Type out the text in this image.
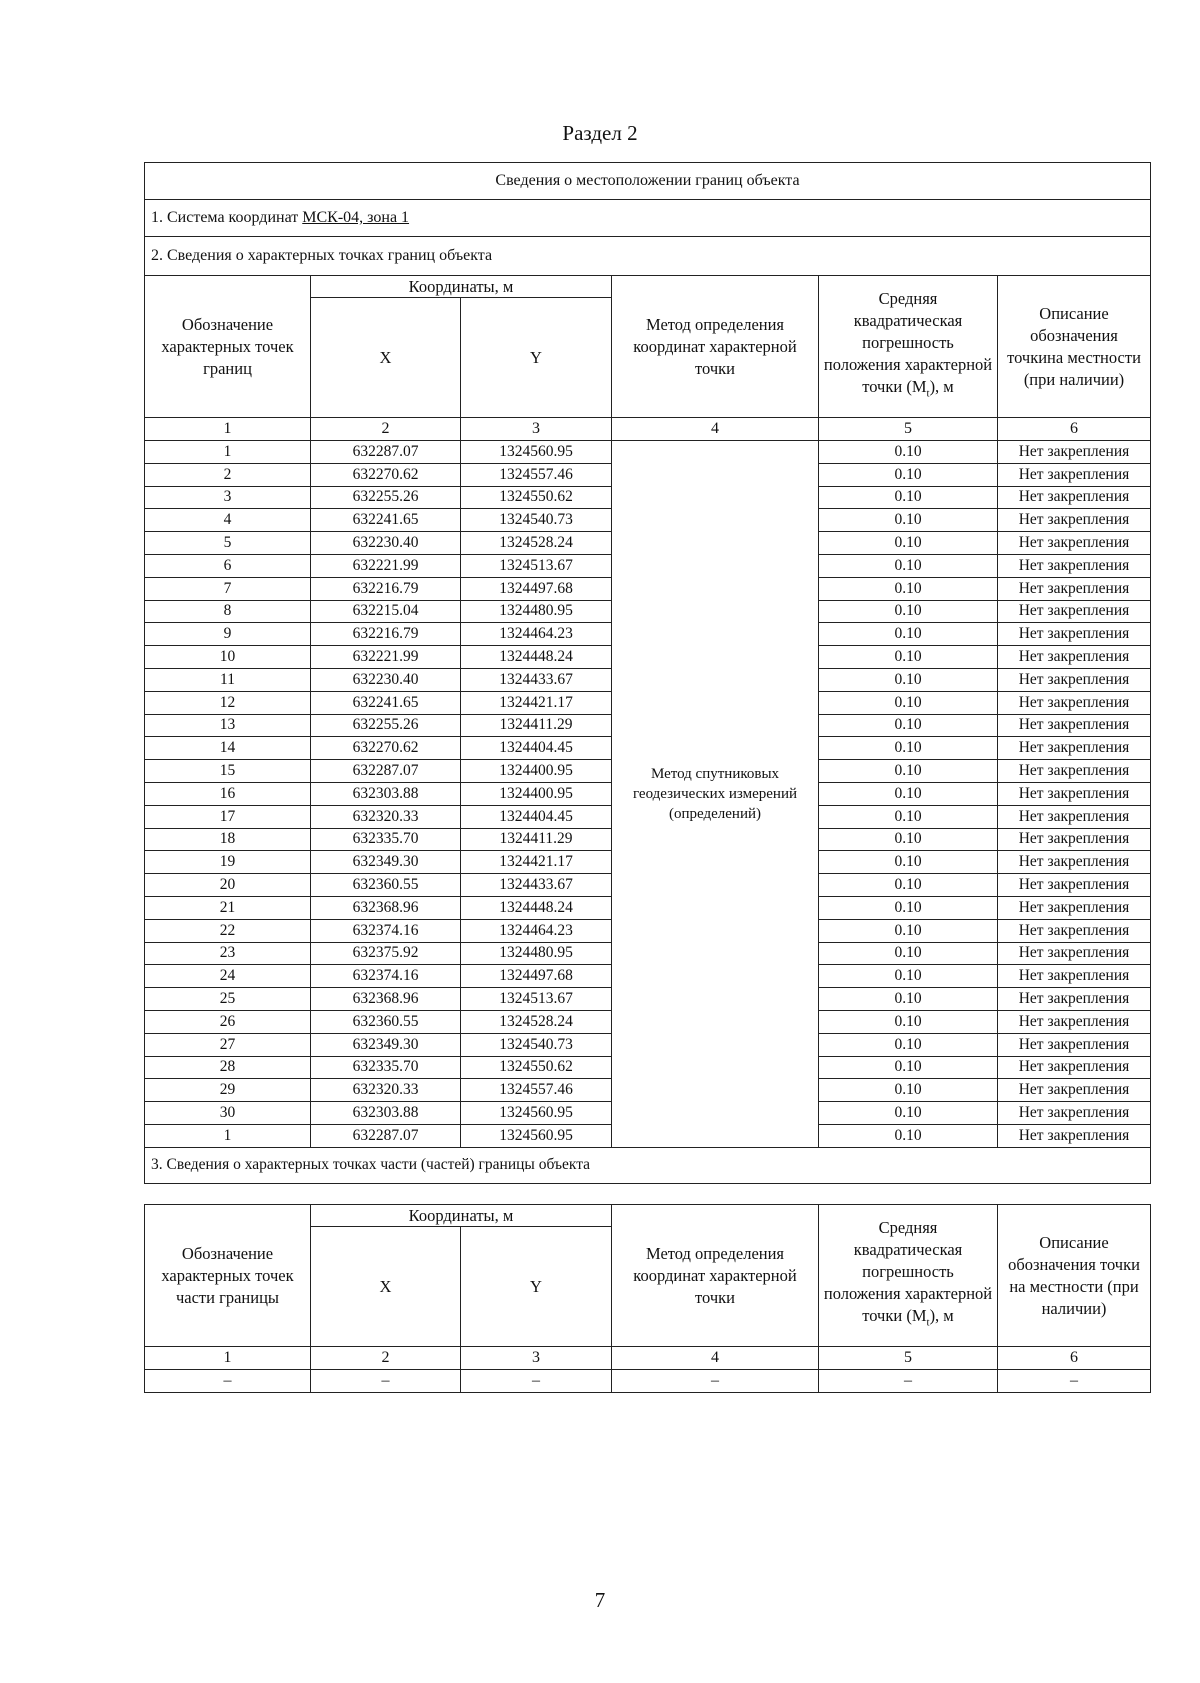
Раздел 2
Сведения о местоположении границ объекта					
1. Система координат МСК-04, зона 1					
2. Сведения о характерных точках границ объекта					
Обозначение характерных точек границ	Координаты, м		Метод определения координат характерной точки	Средняя квадратическая погрешность положения характерной точки $(M_t)$, м	Описание обозначения точкина местности (при наличии)
	X	Y			
1	2	3	4	5	6
1	632287.07	1324560.95	Метод спутниковых геодезических измерений (определений)	0.10	Нет закрепления
2	632270.62	1324557.46		0.10	Нет закрепления
3	632255.26	1324550.62		0.10	Нет закрепления
4	632241.65	1324540.73		0.10	Нет закрепления
5	632230.40	1324528.24		0.10	Нет закрепления
6	632221.99	1324513.67		0.10	Нет закрепления
7	632216.79	1324497.68		0.10	Нет закрепления
8	632215.04	1324480.95		0.10	Нет закрепления
9	632216.79	1324464.23		0.10	Нет закрепления
10	632221.99	1324448.24		0.10	Нет закрепления
11	632230.40	1324433.67		0.10	Нет закрепления
12	632241.65	1324421.17		0.10	Нет закрепления
13	632255.26	1324411.29		0.10	Нет закрепления
14	632270.62	1324404.45		0.10	Нет закрепления
15	632287.07	1324400.95		0.10	Нет закрепления
16	632303.88	1324400.95		0.10	Нет закрепления
17	632320.33	1324404.45		0.10	Нет закрепления
18	632335.70	1324411.29		0.10	Нет закрепления
19	632349.30	1324421.17		0.10	Нет закрепления
20	632360.55	1324433.67		0.10	Нет закрепления
21	632368.96	1324448.24		0.10	Нет закрепления
22	632374.16	1324464.23		0.10	Нет закрепления
23	632375.92	1324480.95		0.10	Нет закрепления
24	632374.16	1324497.68		0.10	Нет закрепления
25	632368.96	1324513.67		0.10	Нет закрепления
26	632360.55	1324528.24		0.10	Нет закрепления
27	632349.30	1324540.73		0.10	Нет закрепления
28	632335.70	1324550.62		0.10	Нет закрепления
29	632320.33	1324557.46		0.10	Нет закрепления
30	632303.88	1324560.95		0.10	Нет закрепления
1	632287.07	1324560.95		0.10	Нет закрепления
3. Сведения о характерных точках части (частей) границы объекта					
Обозначение характерных точек части границы	Координаты, м		Метод определения координат характерной точки	Средняя квадратическая погрешность положения характерной точки $(M_t)$, м	Описание обозначения точки на местности (при наличии)
	X	Y			
1	2	3	4	5	6
–	–	–	–	–	–
7
